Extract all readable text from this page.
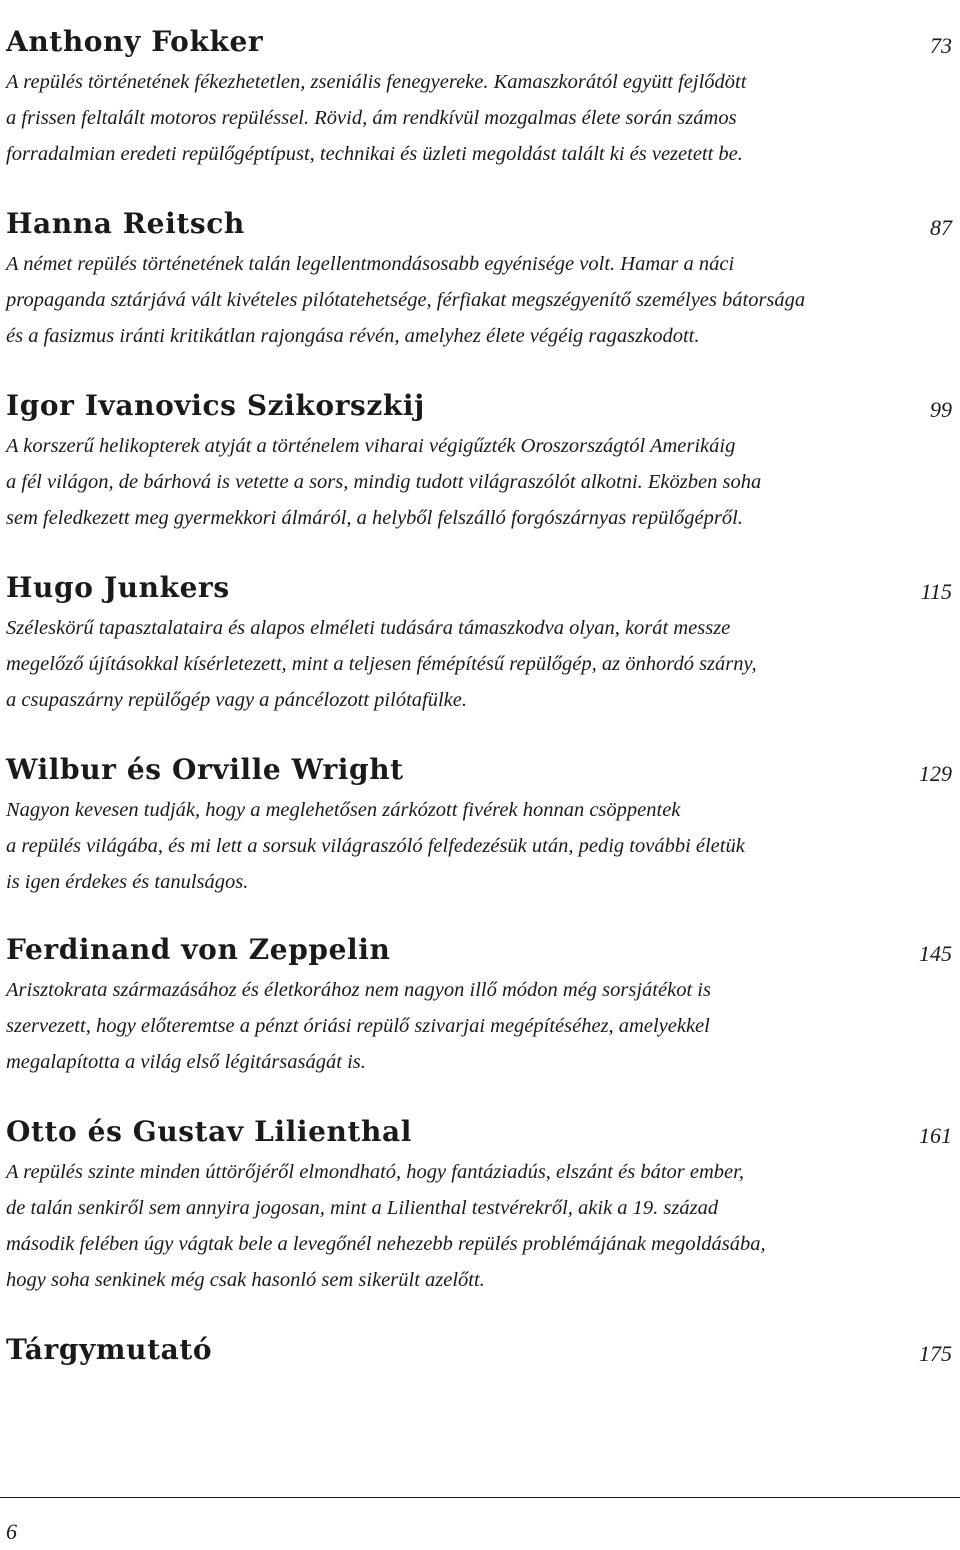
Anthony Fokker	73
A repülés történetének fékezhetetlen, zseniális fenegyereke. Kamaszkorától együtt fejlődött
a frissen feltalált motoros repüléssel. Rövid, ám rendkívül mozgalmas élete során számos
forradalmian eredeti repülőgéptípust, technikai és üzleti megoldást talált ki és vezetett be.
Hanna Reitsch	87
A német repülés történetének talán legellentmondásosabb egyénisége volt. Hamar a náci
propaganda sztárjává vált kivételes pilótatehetsége, férfiakat megszégyenítő személyes bátorsága
és a fasizmus iránti kritikátlan rajongása révén, amelyhez élete végéig ragaszkodott.
Igor Ivanovics Szikorszkij	99
A korszerű helikopterek atyját a történelem viharai végigűzték Oroszországtól Amerikáig
a fél világon, de bárhová is vetette a sors, mindig tudott világraszólót alkotni. Eközben soha
sem feledkezett meg gyermekkori álmáról, a helyből felszálló forgószárnyas repülőgépről.
Hugo Junkers	115
Széleskörű tapasztalataira és alapos elméleti tudására támaszkodva olyan, korát messze
megelőző újításokkal kísérletezett, mint a teljesen fémépítésű repülőgép, az önhordó szárny,
a csupaszárny repülőgép vagy a páncélozott pilótafülke.
Wilbur és Orville Wright	129
Nagyon kevesen tudják, hogy a meglehetősen zárkózott fivérek honnan csöppentek
a repülés világába, és mi lett a sorsuk világraszóló felfedezésük után, pedig további életük
is igen érdekes és tanulságos.
Ferdinand von Zeppelin	145
Arisztokrata származásához és életkorához nem nagyon illő módon még sorsjátékot is
szervezett, hogy előteremtse a pénzt óriási repülő szivarjai megépítéséhez, amelyekkel
megalapította a világ első légitársaságát is.
Otto és Gustav Lilienthal	161
A repülés szinte minden úttörőjéről elmondható, hogy fantáziadús, elszánt és bátor ember,
de talán senkiről sem annyira jogosan, mint a Lilienthal testvérekről, akik a 19. század
második felében úgy vágtak bele a levegőnél nehezebb repülés problémájának megoldásába,
hogy soha senkinek még csak hasonló sem sikerült azelőtt.
Tárgymutató	175
6
